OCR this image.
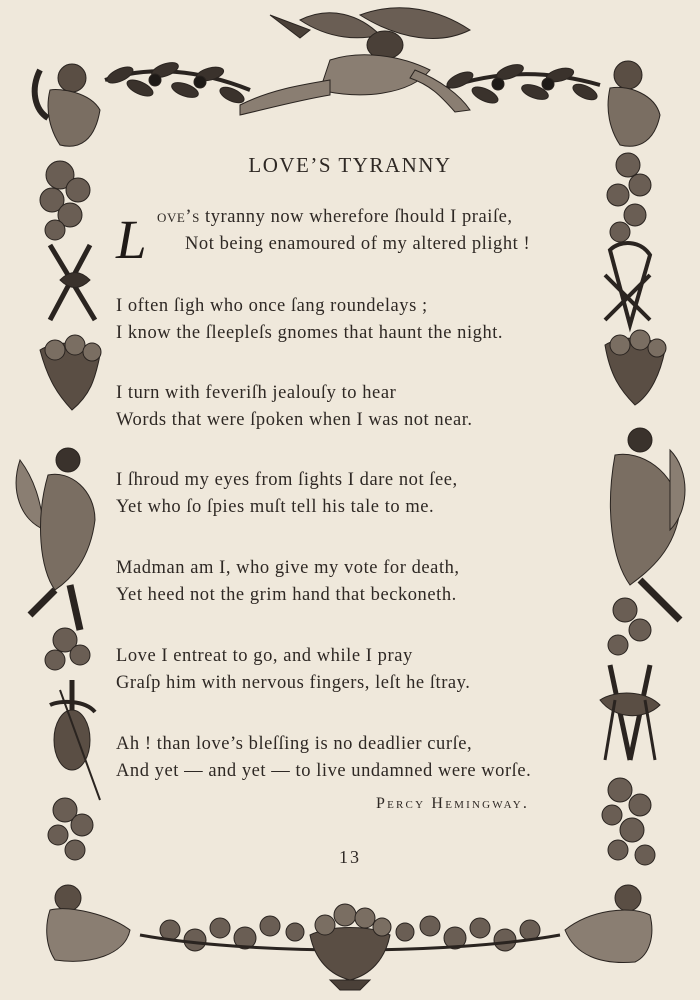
LOVE’S TYRANNY
L ove’s tyranny now wherefore ſhould I praiſe,
Not being enamoured of my altered plight !
I often ſigh who once ſang roundelays ;
I know the ſleepleſs gnomes that haunt the night.
I turn with feveriſh jealouſy to hear
Words that were ſpoken when I was not near.
I ſhroud my eyes from ſights I dare not ſee,
Yet who ſo ſpies muſt tell his tale to me.
Madman am I, who give my vote for death,
Yet heed not the grim hand that beckoneth.
Love I entreat to go, and while I pray
Graſp him with nervous fingers, leſt he ſtray.
Ah ! than love’s bleſſing is no deadlier curſe,
And yet — and yet — to live undamned were worſe.
Percy Hemingway.
13
